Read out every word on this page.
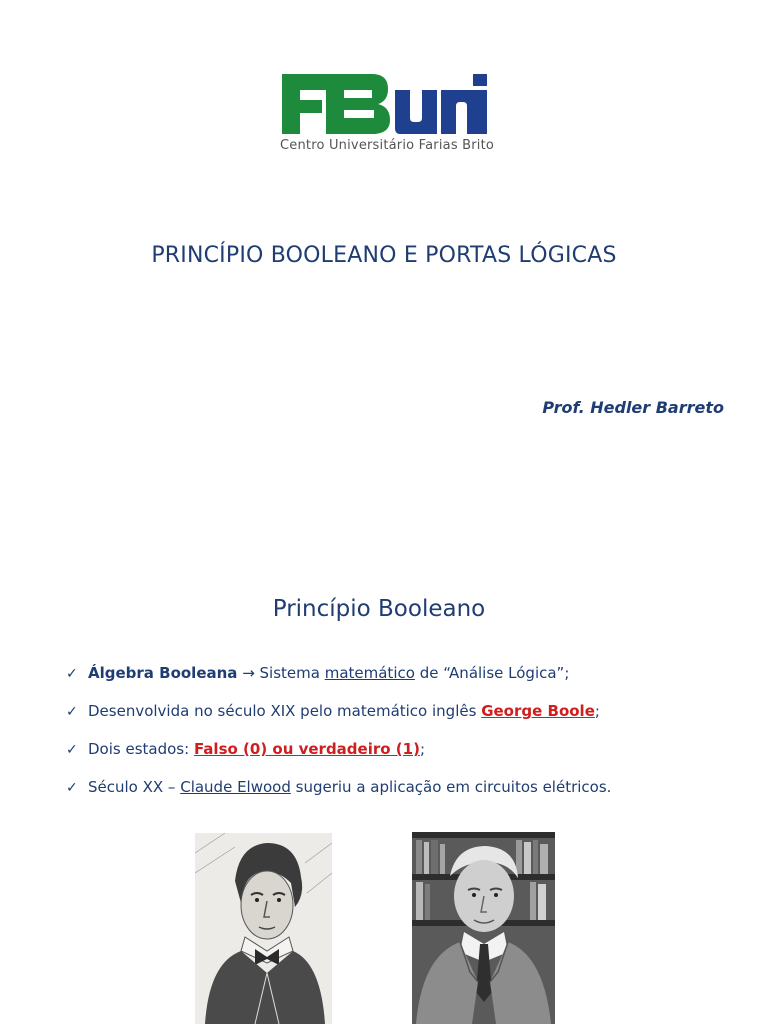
Centro Universitário Farias Brito
PRINCÍPIO BOOLEANO E PORTAS LÓGICAS
Prof. Hedler Barreto
Princípio Booleano
✓ Álgebra Booleana → Sistema matemático de “Análise Lógica”;
✓ Desenvolvida no século XIX pelo matemático inglês George Boole;
✓ Dois estados: Falso (0) ou verdadeiro (1);
✓ Século XX – Claude Elwood sugeriu a aplicação em circuitos elétricos.
